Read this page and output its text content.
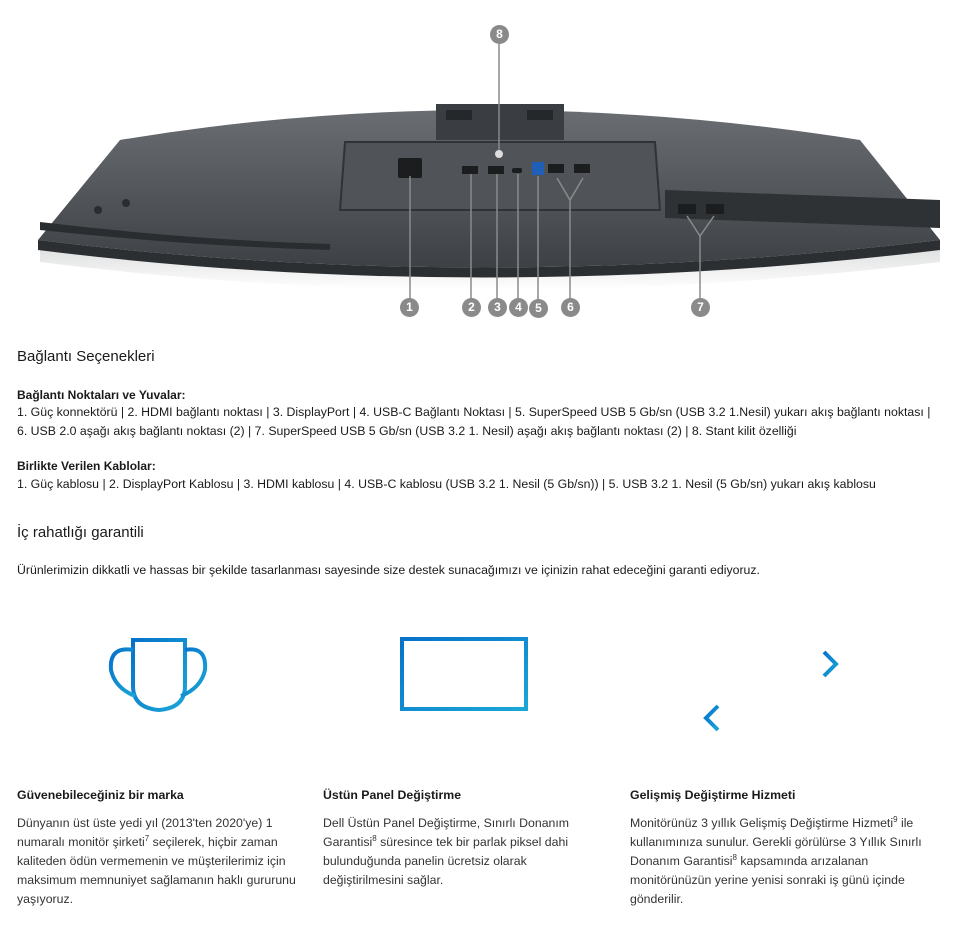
8
1	2	3	4	5	6	7
Bağlantı Seçenekleri
Bağlantı Noktaları ve Yuvalar:
1. Güç konnektörü | 2. HDMI bağlantı noktası | 3. DisplayPort | 4. USB-C Bağlantı Noktası | 5. SuperSpeed USB 5 Gb/sn (USB 3.2 1.Nesil) yukarı akış bağlantı noktası | 6. USB 2.0 aşağı akış bağlantı noktası (2) | 7. SuperSpeed USB 5 Gb/sn (USB 3.2 1. Nesil) aşağı akış bağlantı noktası (2) | 8. Stant kilit özelliği
Birlikte Verilen Kablolar:
1. Güç kablosu | 2. DisplayPort Kablosu | 3. HDMI kablosu | 4. USB-C kablosu (USB 3.2 1. Nesil (5 Gb/sn)) | 5. USB 3.2 1. Nesil (5 Gb/sn) yukarı akış kablosu
İç rahatlığı garantili
Ürünlerimizin dikkatli ve hassas bir şekilde tasarlanması sayesinde size destek sunacağımızı ve içinizin rahat edeceğini garanti ediyoruz.
Güvenebileceğiniz bir marka
Dünyanın üst üste yedi yıl (2013'ten 2020'ye) 1 numaralı monitör şirketi$^7$ seçilerek, hiçbir zaman kaliteden ödün vermemenin ve müşterilerimiz için maksimum memnuniyet sağlamanın haklı gururunu yaşıyoruz.
Üstün Panel Değiştirme
Dell Üstün Panel Değiştirme, Sınırlı Donanım Garantisi$^8$ süresince tek bir parlak piksel dahi bulunduğunda panelin ücretsiz olarak değiştirilmesini sağlar.
Gelişmiş Değiştirme Hizmeti
Monitörünüz 3 yıllık Gelişmiş Değiştirme Hizmeti$^9$ ile kullanımınıza sunulur. Gerekli görülürse 3 Yıllık Sınırlı Donanım Garantisi$^8$ kapsamında arızalanan monitörünüzün yerine yenisi sonraki iş günü içinde gönderilir.
